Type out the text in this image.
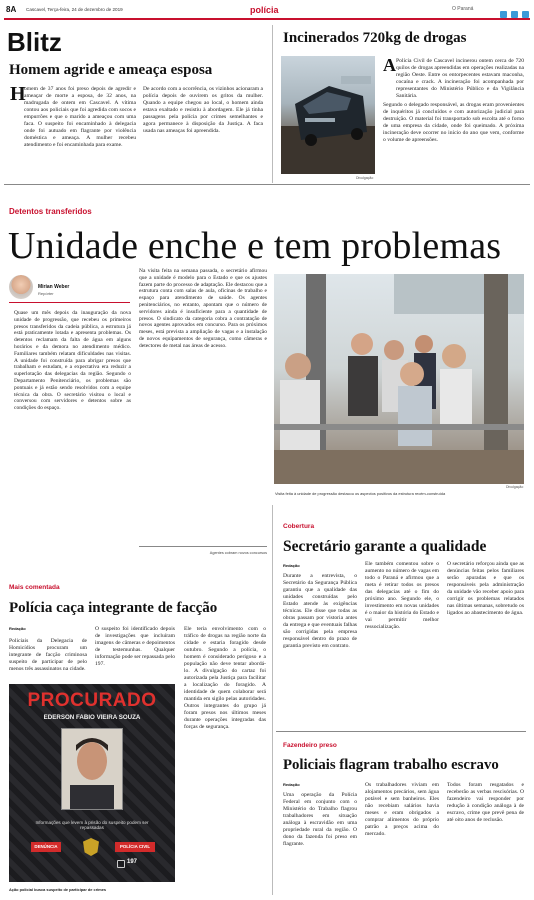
8A Cascavel, Terça-feira, 24 de dezembro de 2019	polícia	O Paraná

Blitz
Homem agride e ameaça esposa
H
omem de 37 anos foi preso depois de agredir e ameaçar de morte a esposa, de 32 anos, na madrugada de ontem em Cascavel. A vítima contou aos policiais que foi agredida com socos e empurrões e que o marido a ameaçou com uma faca. O suspeito foi encaminhado à delegacia onde foi autuado em flagrante por violência doméstica e ameaça. A mulher recebeu atendimento e foi encaminhada para exame.
De acordo com a ocorrência, os vizinhos acionaram a polícia depois de ouvirem os gritos da mulher. Quando a equipe chegou ao local, o homem ainda estava exaltado e resistiu à abordagem. Ele já tinha passagens pela polícia por crimes semelhantes e agora permanece à disposição da Justiça. A faca usada nas ameaças foi apreendida.
Incinerados 720kg de drogas
Divulgação
A Polícia Civil de Cascavel incinerou ontem cerca de 720 quilos de drogas apreendidas em operações realizadas na região Oeste. Entre os entorpecentes estavam maconha, cocaína e crack. A incineração foi acompanhada por representantes do Ministério Público e da Vigilância Sanitária.
Segundo o delegado responsável, as drogas eram provenientes de inquéritos já concluídos e com autorização judicial para destruição. O material foi transportado sob escolta até o forno de uma empresa da cidade, onde foi queimado. A próxima incineração deve ocorrer no início do ano que vem, conforme o volume de apreensões.
Detentos transferidos
Unidade enche e tem problemas
Mirian Weber
Repórter
Quase um mês depois da inauguração da nova unidade de progressão, que recebeu os primeiros presos transferidos da cadeia pública, a estrutura já está praticamente lotada e apresenta problemas. Os detentos reclamam da falta de água em alguns horários e da demora no atendimento médico. Familiares também relatam dificuldades nas visitas. A unidade foi construída para abrigar presos que trabalham e estudam, e a expectativa era reduzir a superlotação das delegacias da região. Segundo o Departamento Penitenciário, os problemas são pontuais e já estão sendo resolvidos com a equipe técnica da obra. O secretário visitou o local e conversou com servidores e detentos sobre as condições do espaço.
Na visita feita na semana passada, o secretário afirmou que a unidade é modelo para o Estado e que os ajustes fazem parte do processo de adaptação. Ele destacou que a estrutura conta com salas de aula, oficinas de trabalho e espaço para atendimento de saúde. Os agentes penitenciários, no entanto, apontam que o número de servidores ainda é insuficiente para a quantidade de presos. O sindicato da categoria cobra a contratação de novos agentes aprovados em concurso. Para os próximos meses, está prevista a ampliação de vagas e a instalação de novos equipamentos de segurança, como câmeras e detectores de metal nas áreas de acesso.
Agentes cobram novos concursos
Visita feita à unidade de progressão destacou os aspectos positivos da estrutura recém-construída
Divulgação
Cobertura
Secretário garante a qualidade
Redação
Durante a entrevista, o Secretário da Segurança Pública garantiu que a qualidade das unidades construídas pelo Estado atende às exigências técnicas. Ele disse que todas as obras passam por vistoria antes da entrega e que eventuais falhas são corrigidas pela empresa responsável dentro do prazo de garantia previsto em contrato.
Ele também comentou sobre o aumento no número de vagas em todo o Paraná e afirmou que a meta é retirar todos os presos das delegacias até o fim do próximo ano. Segundo ele, o investimento em novas unidades é o maior da história do Estado e vai permitir melhor ressocialização.
O secretário reforçou ainda que as denúncias feitas pelos familiares serão apuradas e que os responsáveis pela administração da unidade vão receber apoio para corrigir os problemas relatados nas últimas semanas, sobretudo os ligados ao abastecimento de água.
Fazendeiro preso
Policiais flagram trabalho escravo
Redação
Uma operação da Polícia Federal em conjunto com o Ministério do Trabalho flagrou trabalhadores em situação análoga à escravidão em uma propriedade rural da região. O dono da fazenda foi preso em flagrante.
Os trabalhadores viviam em alojamentos precários, sem água potável e sem banheiros. Eles não recebiam salários havia meses e eram obrigados a comprar alimentos do próprio patrão a preços acima do mercado.
Todos foram resgatados e receberão as verbas rescisórias. O fazendeiro vai responder por redução à condição análoga à de escravo, crime que prevê pena de até oito anos de reclusão.
Mais comentada
Polícia caça integrante de facção
Redação
Policiais da Delegacia de Homicídios procuram um integrante de facção criminosa suspeito de participar de pelo menos três assassinatos na cidade.
O suspeito foi identificado depois de investigações que incluíram imagens de câmeras e depoimentos de testemunhas. Qualquer informação pode ser repassada pelo 197.
Ele teria envolvimento com o tráfico de drogas na região norte da cidade e estaria foragido desde outubro. Segundo a polícia, o homem é considerado perigoso e a população não deve tentar abordá-lo. A divulgação do cartaz foi autorizada pela Justiça para facilitar a localização do foragido. A identidade de quem colaborar será mantida em sigilo pelas autoridades. Outros integrantes do grupo já foram presos nos últimos meses durante operações integradas das forças de segurança.
PROCURADO
EDERSON FABIO VIEIRA SOUZA
Informações que levem à prisão do suspeito podem ser repassadas
DENÚNCIA	POLÍCIA CIVIL
197
Ação policial busca suspeito de participar de crimes
